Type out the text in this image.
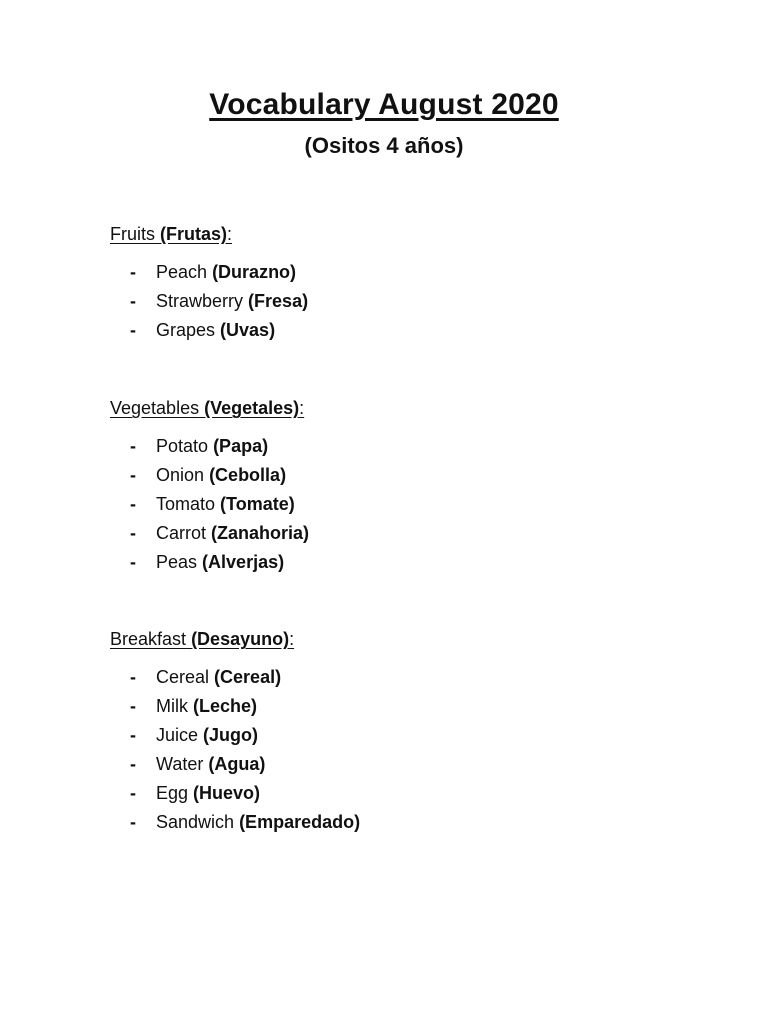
Vocabulary August 2020
(Ositos 4 años)
Fruits (Frutas):
- Peach (Durazno)
- Strawberry (Fresa)
- Grapes (Uvas)
Vegetables (Vegetales):
- Potato (Papa)
- Onion (Cebolla)
- Tomato (Tomate)
- Carrot (Zanahoria)
- Peas (Alverjas)
Breakfast (Desayuno):
- Cereal (Cereal)
- Milk (Leche)
- Juice (Jugo)
- Water (Agua)
- Egg (Huevo)
- Sandwich (Emparedado)
